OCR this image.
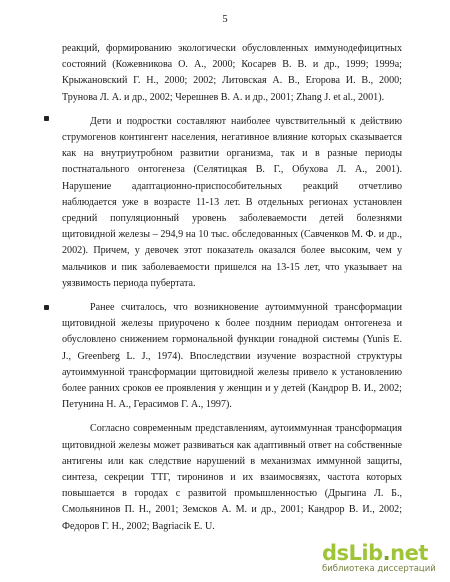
5

реакций, формированию экологически обусловленных иммунодефицитных состояний (Кожевникова О. А., 2000; Косарев В. В. и др., 1999; 1999а; Крыжановский Г. Н., 2000; 2002; Литовская А. В., Егорова И. В., 2000; Трунова Л. А. и др., 2002; Черешнев В. А. и др., 2001; Zhang J. et al., 2001).

Дети и подростки составляют наиболее чувствительный к действию струмогенов контингент населения, негативное влияние которых сказывается как на внутриутробном развитии организма, так и в разные периоды постнатального онтогенеза (Селятицкая В. Г., Обухова Л. А., 2001). Нарушение адаптационно-приспособительных реакций отчетливо наблюдается уже в возрасте 11-13 лет. В отдельных регионах установлен средний популяционный уровень заболеваемости детей болезнями щитовидной железы – 294,9 на 10 тыс. обследованных (Савченков М. Ф. и др., 2002). Причем, у девочек этот показатель оказался более высоким, чем у мальчиков и пик заболеваемости пришелся на 13-15 лет, что указывает на уязвимость периода пубертата.

Ранее считалось, что возникновение аутоиммунной трансформации щитовидной железы приурочено к более поздним периодам онтогенеза и обусловлено снижением гормональной функции гонадной системы (Yunis E. J., Greenberg L. J., 1974). Впоследствии изучение возрастной структуры аутоиммунной трансформации щитовидной железы привело к установлению более ранних сроков ее проявления у женщин и у детей (Кандрор В. И., 2002; Петунина Н. А., Герасимов Г. А., 1997).

Согласно современным представлениям, аутоиммунная трансформация щитовидной железы может развиваться как адаптивный ответ на собственные антигены или как следствие нарушений в механизмах иммунной защиты, синтеза, секреции ТТГ, тиронинов и их взаимосвязях, частота которых повышается в городах с развитой промышленностью (Дрыгина Л. Б., Смольянинов П. Н., 2001; Земсков А. М. и др., 2001; Кандрор В. И., 2002; Федоров Г. Н., 2002; Bagriacik E. U.

dsLib.net
библиотека диссертаций
